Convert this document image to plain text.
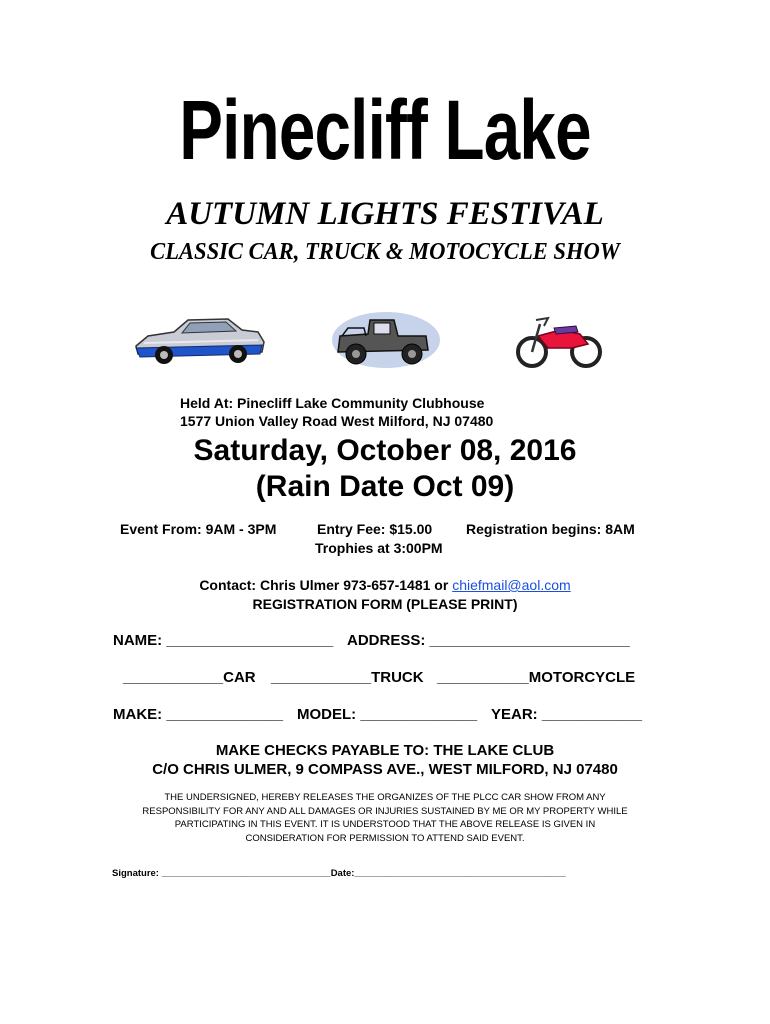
Pinecliff Lake
AUTUMN LIGHTS FESTIVAL
CLASSIC CAR, TRUCK & MOTOCYCLE SHOW
Held At: Pinecliff Lake Community Clubhouse
1577 Union Valley Road West Milford, NJ 07480
Saturday, October 08, 2016
(Rain Date Oct 09)
Event From: 9AM - 3PM	Entry Fee: $15.00
Trophies at 3:00PM
Registration begins: 8AM
Contact: Chris Ulmer 973-657-1481 or chiefmail@aol.com
REGISTRATION FORM (PLEASE PRINT)
NAME: ____________________ ADDRESS: ________________________
____________CAR ____________TRUCK ___________MOTORCYCLE
MAKE: ______________ MODEL: ______________ YEAR: ____________
MAKE CHECKS PAYABLE TO: THE LAKE CLUB
C/O CHRIS ULMER, 9 COMPASS AVE., WEST MILFORD, NJ 07480
THE UNDERSIGNED, HEREBY RELEASES THE ORGANIZES OF THE PLCC CAR SHOW FROM ANY
RESPONSIBILITY FOR ANY AND ALL DAMAGES OR INJURIES SUSTAINED BY ME OR MY PROPERTY WHILE
PARTICIPATING IN THIS EVENT. IT IS UNDERSTOOD THAT THE ABOVE RELEASE IS GIVEN IN
CONSIDERATION FOR PERMISSION TO ATTEND SAID EVENT.
Signature: ________________________________Date:________________________________________
